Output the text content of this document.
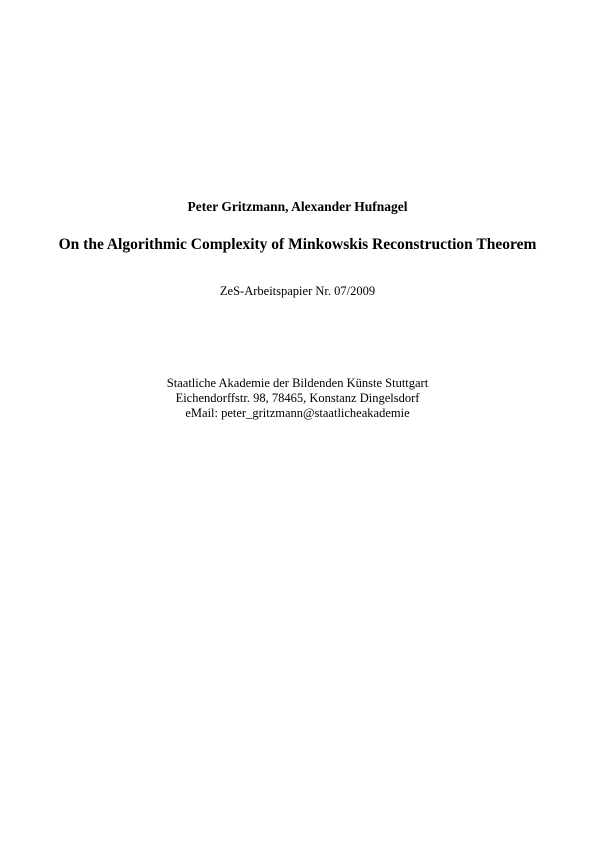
Peter Gritzmann, Alexander Hufnagel
On the Algorithmic Complexity of Minkowskis Reconstruction Theorem
ZeS-Arbeitspapier Nr. 07/2009
Staatliche Akademie der Bildenden Künste Stuttgart
Eichendorffstr. 98, 78465, Konstanz Dingelsdorf
eMail: peter_gritzmann@staatlicheakademie
